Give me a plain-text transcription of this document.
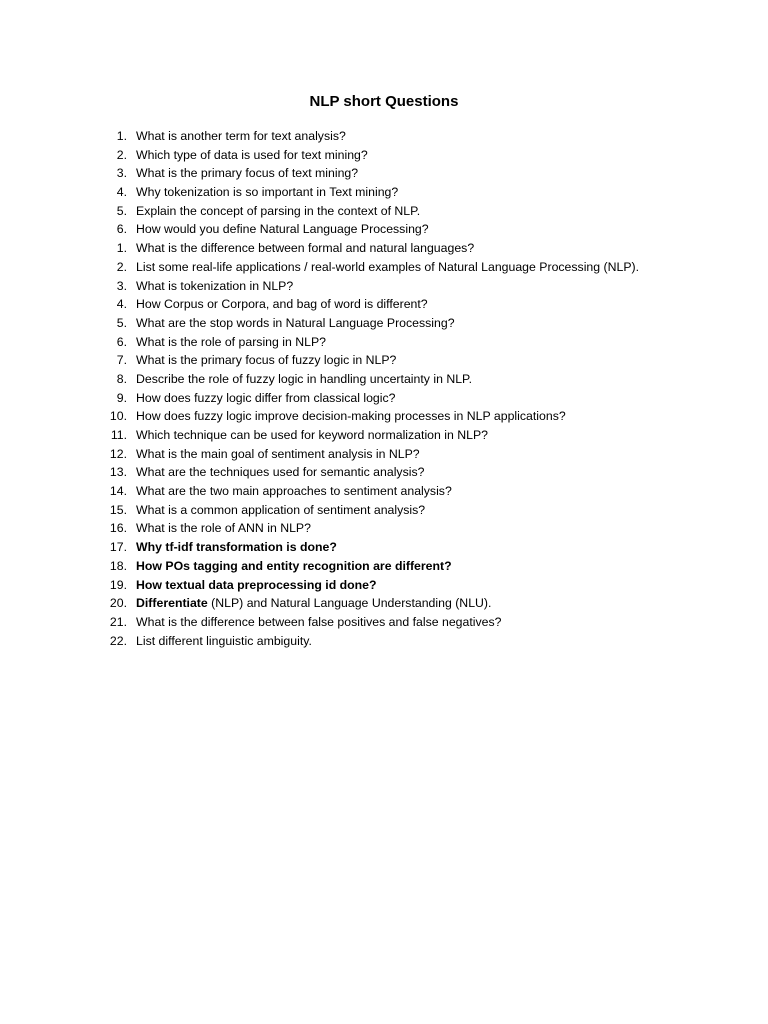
NLP short Questions
1. What is another term for text analysis?
2. Which type of data is used for text mining?
3. What is the primary focus of text mining?
4. Why tokenization is so important in Text mining?
5. Explain the concept of parsing in the context of NLP.
6. How would you define Natural Language Processing?
1. What is the difference between formal and natural languages?
2. List some real-life applications / real-world examples of Natural Language Processing (NLP).
3. What is tokenization in NLP?
4. How Corpus or Corpora, and bag of word is different?
5. What are the stop words in Natural Language Processing?
6. What is the role of parsing in NLP?
7. What is the primary focus of fuzzy logic in NLP?
8. Describe the role of fuzzy logic in handling uncertainty in NLP.
9. How does fuzzy logic differ from classical logic?
10. How does fuzzy logic improve decision-making processes in NLP applications?
11. Which technique can be used for keyword normalization in NLP?
12. What is the main goal of sentiment analysis in NLP?
13. What are the techniques used for semantic analysis?
14. What are the two main approaches to sentiment analysis?
15. What is a common application of sentiment analysis?
16. What is the role of ANN in NLP?
17. Why tf-idf transformation is done?
18. How POs tagging and entity recognition are different?
19. How textual data preprocessing id done?
20. Differentiate (NLP) and Natural Language Understanding (NLU).
21. What is the difference between false positives and false negatives?
22. List different linguistic ambiguity.
